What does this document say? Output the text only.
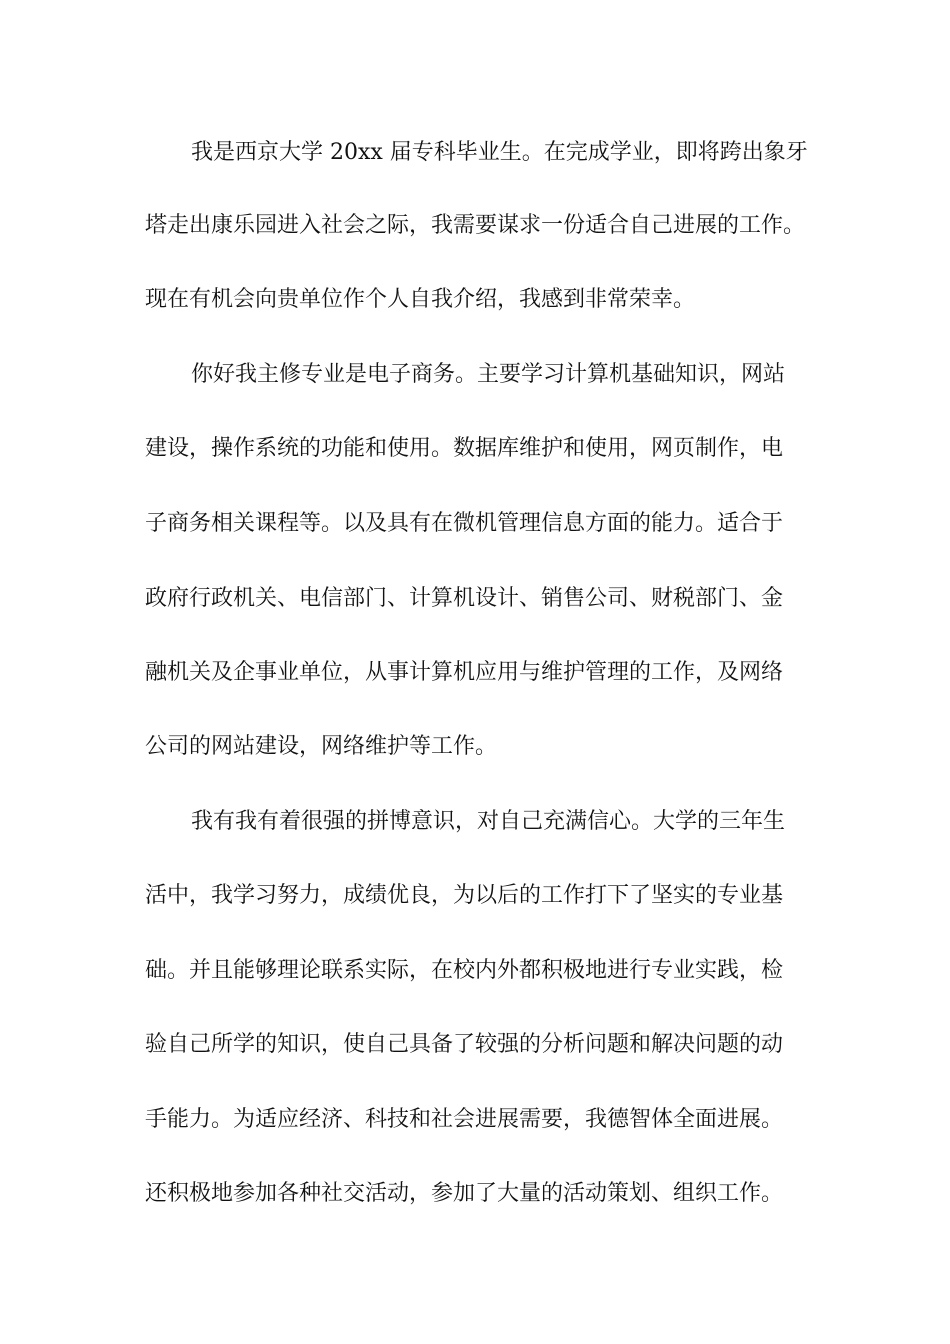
我是西京大学 20xx 届专科毕业生。在完成学业，即将跨出象牙
塔走出康乐园进入社会之际，我需要谋求一份适合自己进展的工作。
现在有机会向贵单位作个人自我介绍，我感到非常荣幸。
你好我主修专业是电子商务。主要学习计算机基础知识，网站
建设，操作系统的功能和使用。数据库维护和使用，网页制作，电
子商务相关课程等。以及具有在微机管理信息方面的能力。适合于
政府行政机关、电信部门、计算机设计、销售公司、财税部门、金
融机关及企事业单位，从事计算机应用与维护管理的工作，及网络
公司的网站建设，网络维护等工作。
我有我有着很强的拼博意识，对自己充满信心。大学的三年生
活中，我学习努力，成绩优良，为以后的工作打下了坚实的专业基
础。并且能够理论联系实际，在校内外都积极地进行专业实践，检
验自己所学的知识，使自己具备了较强的分析问题和解决问题的动
手能力。为适应经济、科技和社会进展需要，我德智体全面进展。
还积极地参加各种社交活动，参加了大量的活动策划、组织工作。
